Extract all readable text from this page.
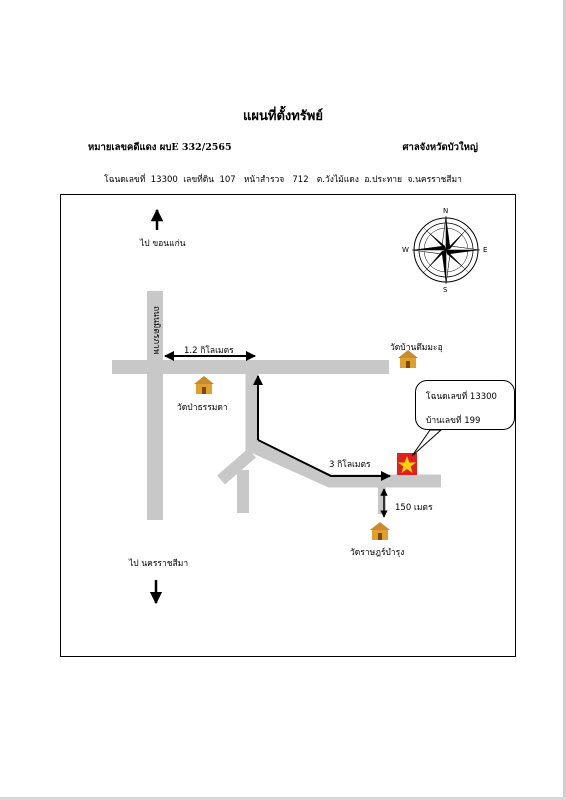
แผนที่ตั้งทรัพย์
หมายเลขคดีแดง ผบE 332/2565	ศาลจังหวัดบัวใหญ่
โฉนดเลขที่ 13300 เลขที่ดิน 107 หน้าสำรวจ 712 ต.วังไม้แดง อ.ประทาย จ.นครราชสีมา
N
S
E
W
ไป ขอนแก่น
ไป นครราชสีมา
ถนนมิตรภาพ	1.2 กิโลเมตร
3 กิโลเมตร
150 เมตร
วัดบ้านตึมมะอุ
วัดป่าธรรมดา
วัดราษฎร์บำรุง
โฉนดเลขที่ 13300
บ้านเลขที่ 199
